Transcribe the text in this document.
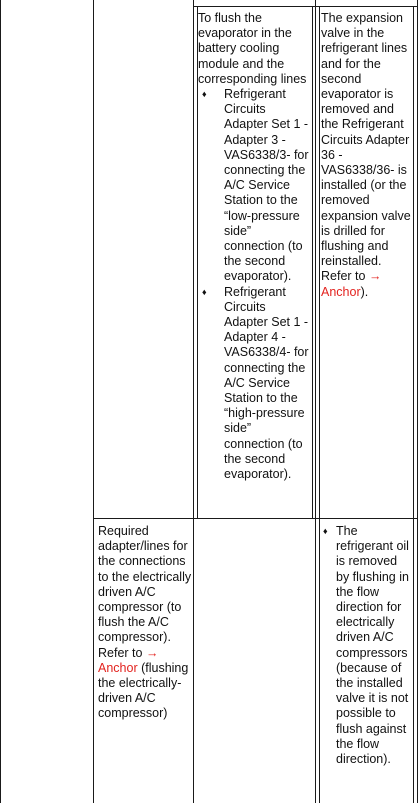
To flush the evaporator in the battery cooling module and the corresponding lines
♦ Refrigerant Circuits Adapter Set 1 - Adapter 3 - VAS6338/3- for connecting the A/C Service Station to the “low-pressure side” connection (to the second evaporator).
♦ Refrigerant Circuits Adapter Set 1 - Adapter 4 - VAS6338/4- for connecting the A/C Service Station to the “high-pressure side” connection (to the second evaporator).
The expansion valve in the refrigerant lines and for the second evaporator is removed and the Refrigerant Circuits Adapter 36 - VAS6338/36- is installed (or the removed expansion valve is drilled for flushing and reinstalled. Refer to → Anchor).
Required adapter/lines for the connections to the electrically driven A/C compressor (to flush the A/C compressor). Refer to → Anchor (flushing the electrically-driven A/C compressor)
♦ The refrigerant oil is removed by flushing in the flow direction for electrically driven A/C compressors (because of the installed valve it is not possible to flush against the flow direction).
